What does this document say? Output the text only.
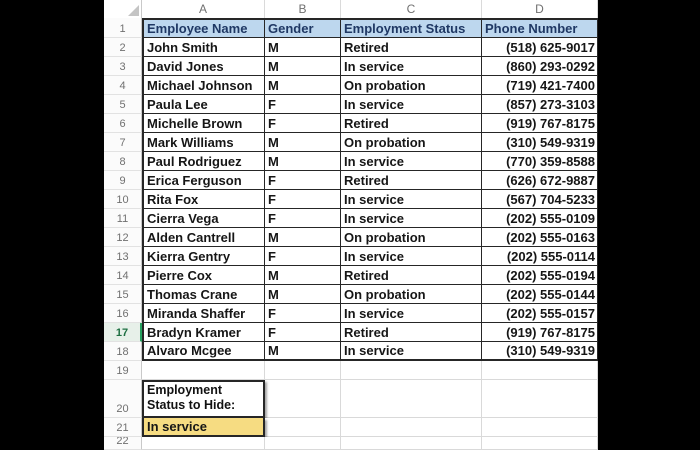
A	B	C	D
1	Employee Name	Gender	Employment Status	Phone Number
2	John Smith	M	Retired	(518) 625-9017
3	David Jones	M	In service	(860) 293-0292
4	Michael Johnson	M	On probation	(719) 421-7400
5	Paula Lee	F	In service	(857) 273-3103
6	Michelle Brown	F	Retired	(919) 767-8175
7	Mark Williams	M	On probation	(310) 549-9319
8	Paul Rodriguez	M	In service	(770) 359-8588
9	Erica Ferguson	F	Retired	(626) 672-9887
10	Rita Fox	F	In service	(567) 704-5233
11	Cierra Vega	F	In service	(202) 555-0109
12	Alden Cantrell	M	On probation	(202) 555-0163
13	Kierra Gentry	F	In service	(202) 555-0114
14	Pierre Cox	M	Retired	(202) 555-0194
15	Thomas Crane	M	On probation	(202) 555-0144
16	Miranda Shaffer	F	In service	(202) 555-0157
17	Bradyn Kramer	F	Retired	(919) 767-8175
18	Alvaro Mcgee	M	In service	(310) 549-9319
19
20
Employment Status to Hide:
21	In service
22
